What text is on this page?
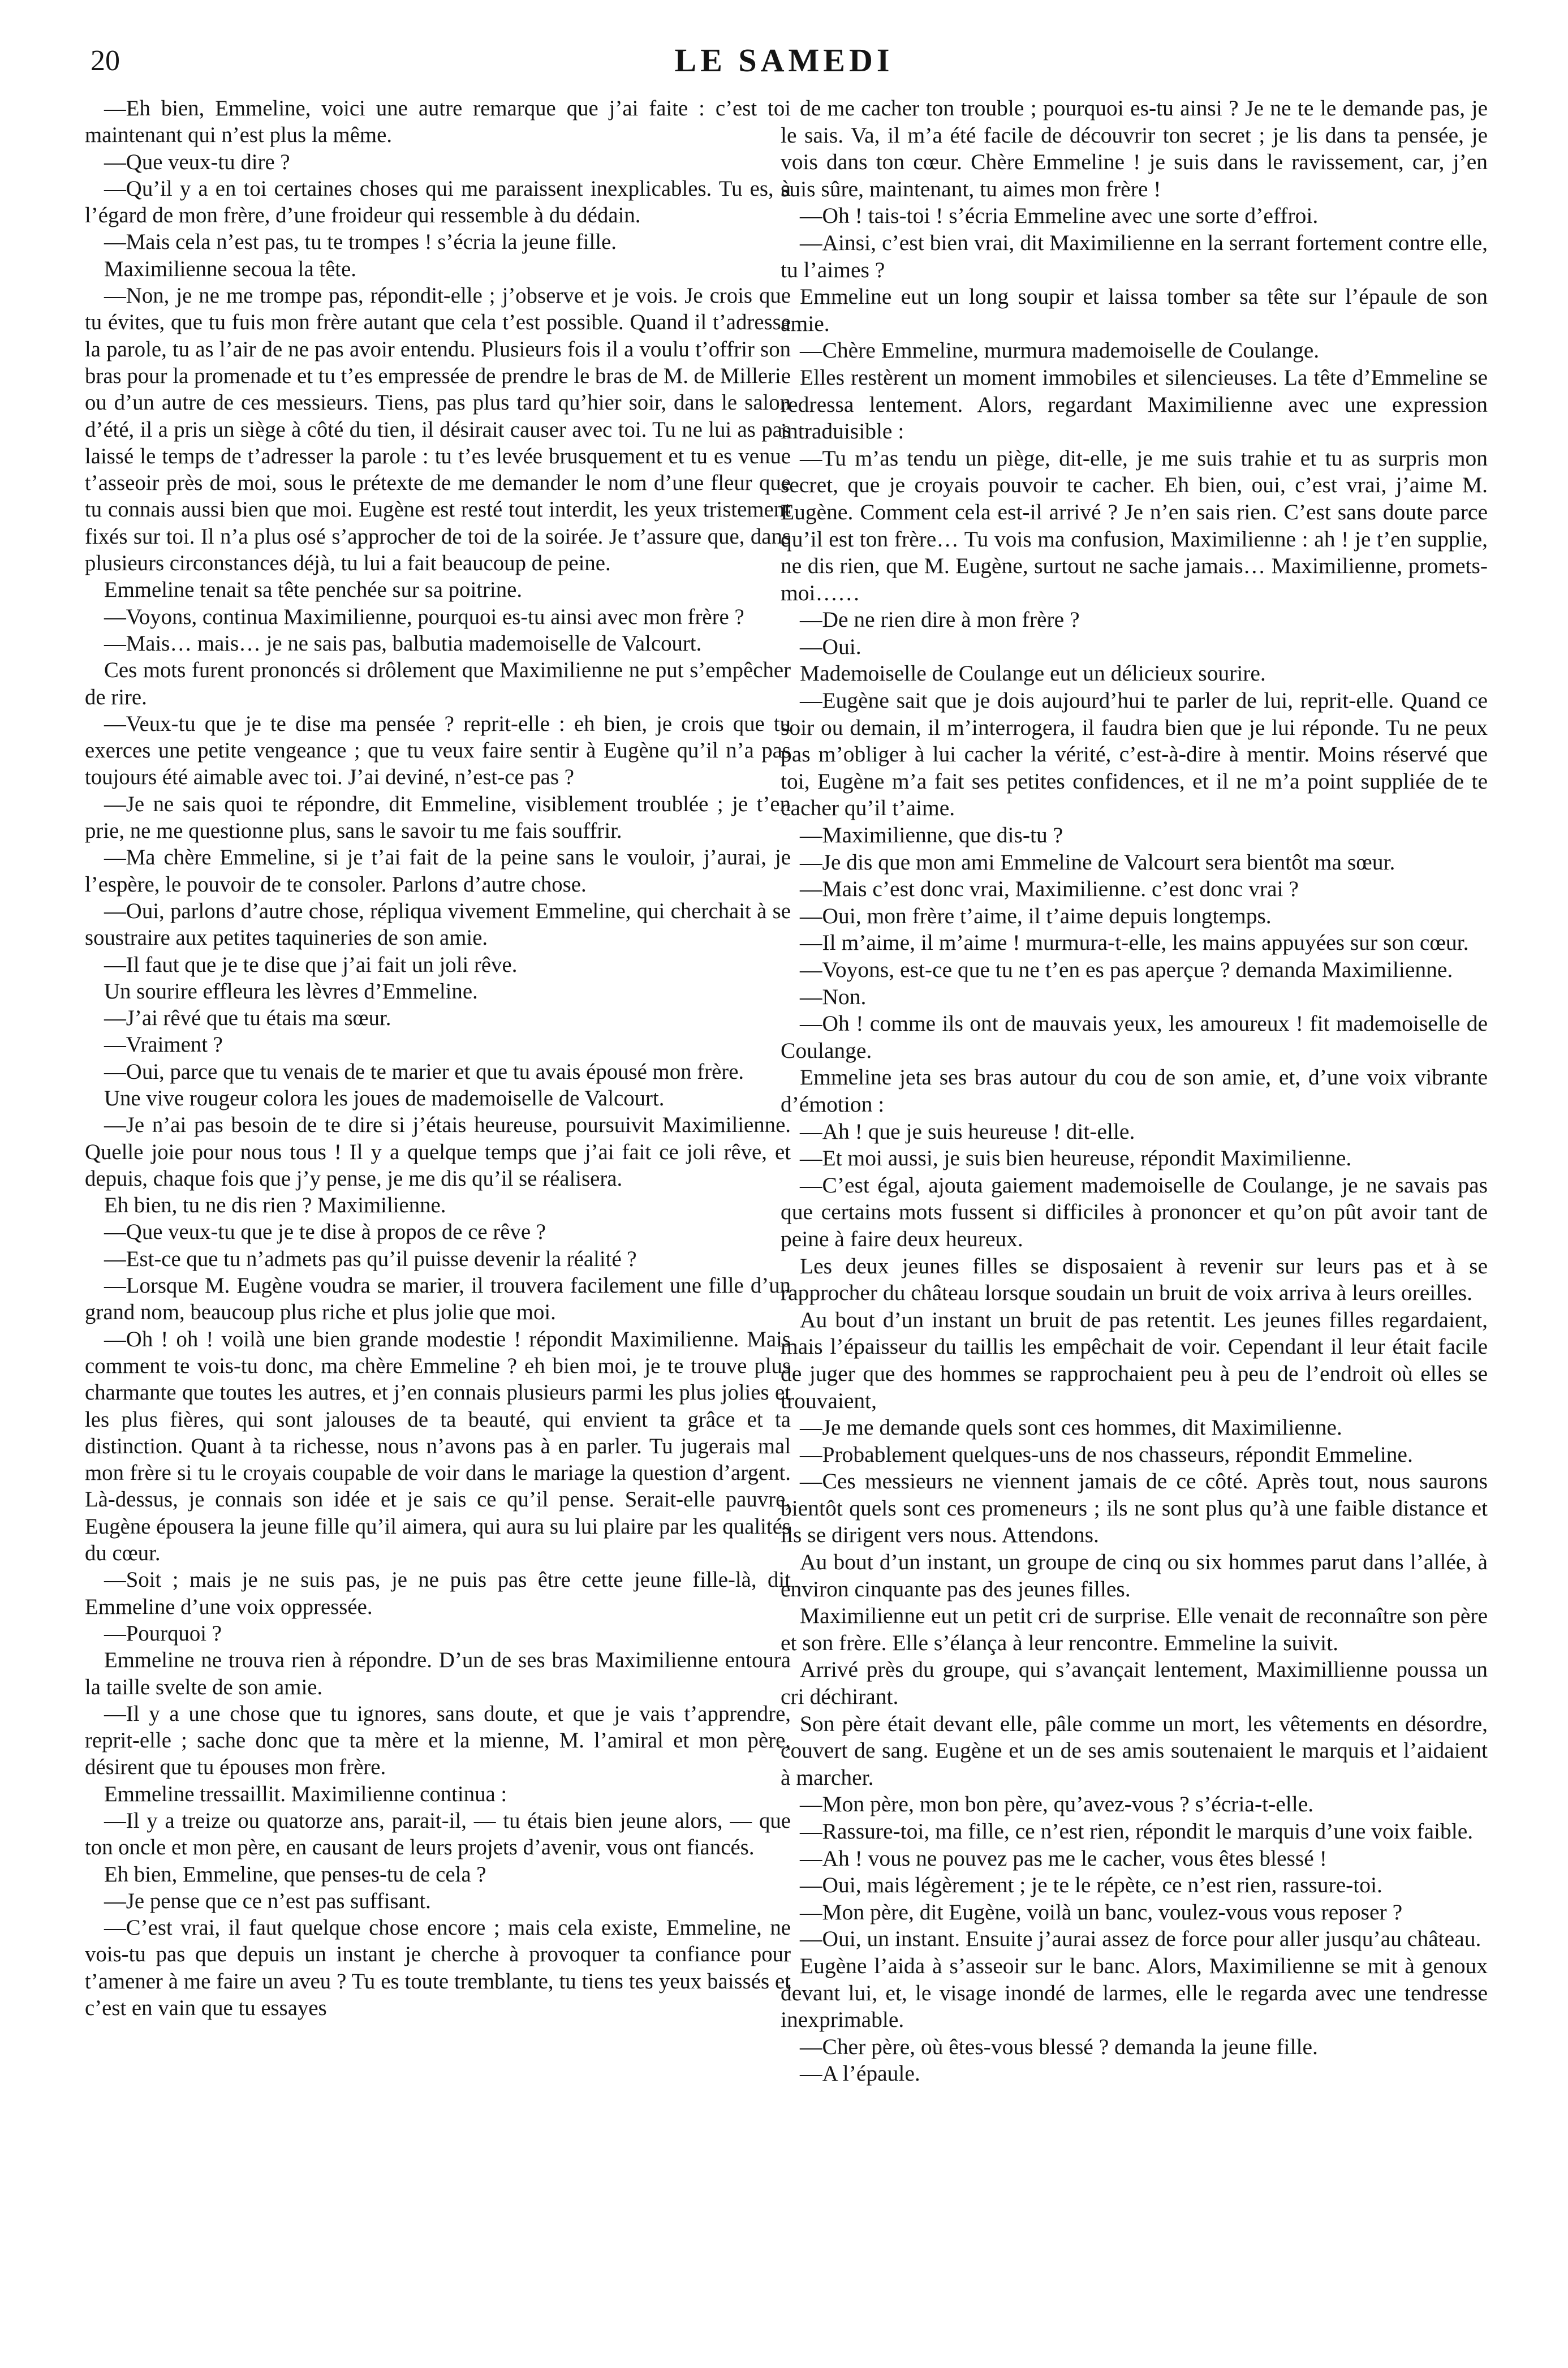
20	LE SAMEDI

—Eh bien, Emmeline, voici une autre remarque que j’ai faite : c’est toi maintenant qui n’est plus la même.

—Que veux-tu dire ?

—Qu’il y a en toi certaines choses qui me paraissent inexplicables. Tu es, à l’égard de mon frère, d’une froideur qui ressemble à du dédain.

—Mais cela n’est pas, tu te trompes ! s’écria la jeune fille.

Maximilienne secoua la tête.

—Non, je ne me trompe pas, répondit-elle ; j’observe et je vois. Je crois que tu évites, que tu fuis mon frère autant que cela t’est possible. Quand il t’adresse la parole, tu as l’air de ne pas avoir entendu. Plusieurs fois il a voulu t’offrir son bras pour la promenade et tu t’es empressée de prendre le bras de M. de Millerie ou d’un autre de ces messieurs. Tiens, pas plus tard qu’hier soir, dans le salon d’été, il a pris un siège à côté du tien, il désirait causer avec toi. Tu ne lui as pas laissé le temps de t’adresser la parole : tu t’es levée brusquement et tu es venue t’asseoir près de moi, sous le prétexte de me demander le nom d’une fleur que tu connais aussi bien que moi. Eugène est resté tout interdit, les yeux tristement fixés sur toi. Il n’a plus osé s’approcher de toi de la soirée. Je t’assure que, dans plusieurs circonstances déjà, tu lui a fait beaucoup de peine.

Emmeline tenait sa tête penchée sur sa poitrine.

—Voyons, continua Maximilienne, pourquoi es-tu ainsi avec mon frère ?

—Mais… mais… je ne sais pas, balbutia mademoiselle de Valcourt.

Ces mots furent prononcés si drôlement que Maximilienne ne put s’empêcher de rire.

—Veux-tu que je te dise ma pensée ? reprit-elle : eh bien, je crois que tu exerces une petite vengeance ; que tu veux faire sentir à Eugène qu’il n’a pas toujours été aimable avec toi. J’ai deviné, n’est-ce pas ?

—Je ne sais quoi te répondre, dit Emmeline, visiblement troublée ; je t’en prie, ne me questionne plus, sans le savoir tu me fais souffrir.

—Ma chère Emmeline, si je t’ai fait de la peine sans le vouloir, j’aurai, je l’espère, le pouvoir de te consoler. Parlons d’autre chose.

—Oui, parlons d’autre chose, répliqua vivement Emmeline, qui cherchait à se soustraire aux petites taquineries de son amie.

—Il faut que je te dise que j’ai fait un joli rêve.

Un sourire effleura les lèvres d’Emmeline.

—J’ai rêvé que tu étais ma sœur.

—Vraiment ?

—Oui, parce que tu venais de te marier et que tu avais épousé mon frère.

Une vive rougeur colora les joues de mademoiselle de Valcourt.

—Je n’ai pas besoin de te dire si j’étais heureuse, poursuivit Maximilienne. Quelle joie pour nous tous ! Il y a quelque temps que j’ai fait ce joli rêve, et depuis, chaque fois que j’y pense, je me dis qu’il se réalisera.

Eh bien, tu ne dis rien ? Maximilienne.

—Que veux-tu que je te dise à propos de ce rêve ?

—Est-ce que tu n’admets pas qu’il puisse devenir la réalité ?

—Lorsque M. Eugène voudra se marier, il trouvera facilement une fille d’un grand nom, beaucoup plus riche et plus jolie que moi.

—Oh ! oh ! voilà une bien grande modestie ! répondit Maximilienne. Mais comment te vois-tu donc, ma chère Emmeline ? eh bien moi, je te trouve plus charmante que toutes les autres, et j’en connais plusieurs parmi les plus jolies et les plus fières, qui sont jalouses de ta beauté, qui envient ta grâce et ta distinction. Quant à ta richesse, nous n’avons pas à en parler. Tu jugerais mal mon frère si tu le croyais coupable de voir dans le mariage la question d’argent. Là-dessus, je connais son idée et je sais ce qu’il pense. Serait-elle pauvre, Eugène épousera la jeune fille qu’il aimera, qui aura su lui plaire par les qualités du cœur.

—Soit ; mais je ne suis pas, je ne puis pas être cette jeune fille-là, dit Emmeline d’une voix oppressée.

—Pourquoi ?

Emmeline ne trouva rien à répondre. D’un de ses bras Maximilienne entoura la taille svelte de son amie.

—Il y a une chose que tu ignores, sans doute, et que je vais t’apprendre, reprit-elle ; sache donc que ta mère et la mienne, M. l’amiral et mon père, désirent que tu épouses mon frère.

Emmeline tressaillit. Maximilienne continua :

—Il y a treize ou quatorze ans, parait-il, — tu étais bien jeune alors, — que ton oncle et mon père, en causant de leurs projets d’avenir, vous ont fiancés.

Eh bien, Emmeline, que penses-tu de cela ?

—Je pense que ce n’est pas suffisant.

—C’est vrai, il faut quelque chose encore ; mais cela existe, Emmeline, ne vois-tu pas que depuis un instant je cherche à provoquer ta confiance pour t’amener à me faire un aveu ? Tu es toute tremblante, tu tiens tes yeux baissés et c’est en vain que tu essayes

de me cacher ton trouble ; pourquoi es-tu ainsi ? Je ne te le demande pas, je le sais. Va, il m’a été facile de découvrir ton secret ; je lis dans ta pensée, je vois dans ton cœur. Chère Emmeline ! je suis dans le ravissement, car, j’en suis sûre, maintenant, tu aimes mon frère !

—Oh ! tais-toi ! s’écria Emmeline avec une sorte d’effroi.

—Ainsi, c’est bien vrai, dit Maximilienne en la serrant fortement contre elle, tu l’aimes ?

Emmeline eut un long soupir et laissa tomber sa tête sur l’épaule de son amie.

—Chère Emmeline, murmura mademoiselle de Coulange.

Elles restèrent un moment immobiles et silencieuses. La tête d’Emmeline se redressa lentement. Alors, regardant Maximilienne avec une expression intraduisible :

—Tu m’as tendu un piège, dit-elle, je me suis trahie et tu as surpris mon secret, que je croyais pouvoir te cacher. Eh bien, oui, c’est vrai, j’aime M. Eugène. Comment cela est-il arrivé ? Je n’en sais rien. C’est sans doute parce qu’il est ton frère… Tu vois ma confusion, Maximilienne : ah ! je t’en supplie, ne dis rien, que M. Eugène, surtout ne sache jamais… Maximilienne, promets-moi……

—De ne rien dire à mon frère ?

—Oui.

Mademoiselle de Coulange eut un délicieux sourire.

—Eugène sait que je dois aujourd’hui te parler de lui, reprit-elle. Quand ce soir ou demain, il m’interrogera, il faudra bien que je lui réponde. Tu ne peux pas m’obliger à lui cacher la vérité, c’est-à-dire à mentir. Moins réservé que toi, Eugène m’a fait ses petites confidences, et il ne m’a point suppliée de te cacher qu’il t’aime.

—Maximilienne, que dis-tu ?

—Je dis que mon ami Emmeline de Valcourt sera bientôt ma sœur.

—Mais c’est donc vrai, Maximilienne. c’est donc vrai ?

—Oui, mon frère t’aime, il t’aime depuis longtemps.

—Il m’aime, il m’aime ! murmura-t-elle, les mains appuyées sur son cœur.

—Voyons, est-ce que tu ne t’en es pas aperçue ? demanda Maximilienne.

—Non.

—Oh ! comme ils ont de mauvais yeux, les amoureux ! fit mademoiselle de Coulange.

Emmeline jeta ses bras autour du cou de son amie, et, d’une voix vibrante d’émotion :

—Ah ! que je suis heureuse ! dit-elle.

—Et moi aussi, je suis bien heureuse, répondit Maximilienne.

—C’est égal, ajouta gaiement mademoiselle de Coulange, je ne savais pas que certains mots fussent si difficiles à prononcer et qu’on pût avoir tant de peine à faire deux heureux.

Les deux jeunes filles se disposaient à revenir sur leurs pas et à se rapprocher du château lorsque soudain un bruit de voix arriva à leurs oreilles.

Au bout d’un instant un bruit de pas retentit. Les jeunes filles regardaient, mais l’épaisseur du taillis les empêchait de voir. Cependant il leur était facile de juger que des hommes se rapprochaient peu à peu de l’endroit où elles se trouvaient,

—Je me demande quels sont ces hommes, dit Maximilienne.

—Probablement quelques-uns de nos chasseurs, répondit Emmeline.

—Ces messieurs ne viennent jamais de ce côté. Après tout, nous saurons bientôt quels sont ces promeneurs ; ils ne sont plus qu’à une faible distance et ils se dirigent vers nous. Attendons.

Au bout d’un instant, un groupe de cinq ou six hommes parut dans l’allée, à environ cinquante pas des jeunes filles.

Maximilienne eut un petit cri de surprise. Elle venait de reconnaître son père et son frère. Elle s’élança à leur rencontre. Emmeline la suivit.

Arrivé près du groupe, qui s’avançait lentement, Maximillienne poussa un cri déchirant.

Son père était devant elle, pâle comme un mort, les vêtements en désordre, couvert de sang. Eugène et un de ses amis soutenaient le marquis et l’aidaient à marcher.

—Mon père, mon bon père, qu’avez-vous ? s’écria-t-elle.

—Rassure-toi, ma fille, ce n’est rien, répondit le marquis d’une voix faible.

—Ah ! vous ne pouvez pas me le cacher, vous êtes blessé !

—Oui, mais légèrement ; je te le répète, ce n’est rien, rassure-toi.

—Mon père, dit Eugène, voilà un banc, voulez-vous vous reposer ?

—Oui, un instant. Ensuite j’aurai assez de force pour aller jusqu’au château.

Eugène l’aida à s’asseoir sur le banc. Alors, Maximilienne se mit à genoux devant lui, et, le visage inondé de larmes, elle le regarda avec une tendresse inexprimable.

—Cher père, où êtes-vous blessé ? demanda la jeune fille.

—A l’épaule.
